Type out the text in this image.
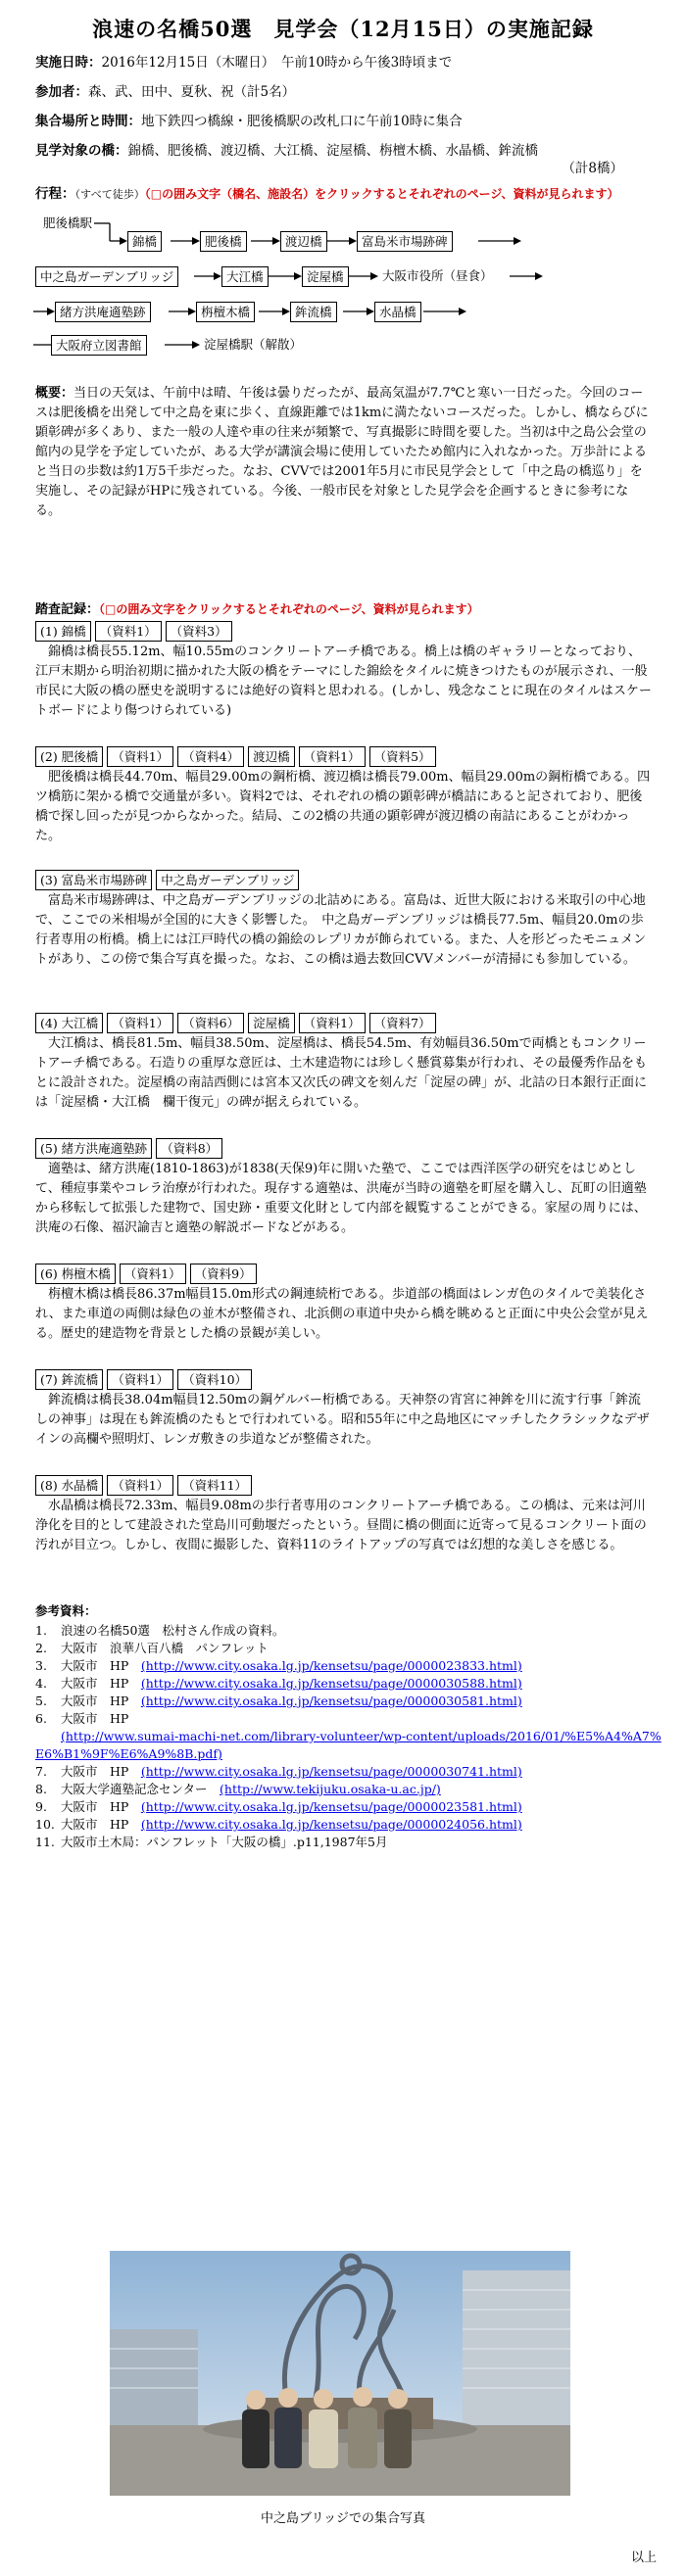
浪速の名橋50選　見学会（12月15日）の実施記録
実施日時：2016年12月15日（木曜日）　午前10時から午後3時頃まで
参加者：森、武、田中、夏秋、祝（計5名）
集合場所と時間：地下鉄四つ橋線・肥後橋駅の改札口に午前10時に集合
見学対象の橋：錦橋、肥後橋、渡辺橋、大江橋、淀屋橋、栴檀木橋、水晶橋、鉾流橋
（計8橋）
行程：（すべて徒歩）（□の囲み文字（橋名、施設名）をクリックするとそれぞれのページ、資料が見られます）
肥後橋駅
錦橋	肥後橋	渡辺橋	富島米市場跡碑
中之島ガーデンブリッジ	大江橋	淀屋橋	大阪市役所（昼食）
緒方洪庵適塾跡	栴檀木橋	鉾流橋	水晶橋
大阪府立図書館	淀屋橋駅（解散）
概要：当日の天気は、午前中は晴、午後は曇りだったが、最高気温が7.7℃と寒い一日だった。今回のコースは肥後橋を出発して中之島を東に歩く、直線距離では1kmに満たないコースだった。しかし、橋ならびに顕彰碑が多くあり、また一般の人達や車の往来が頻繁で、写真撮影に時間を要した。当初は中之島公会堂の館内の見学を予定していたが、ある大学が講演会場に使用していたため館内に入れなかった。万歩計によると当日の歩数は約1万5千歩だった。なお、CVVでは2001年5月に市民見学会として「中之島の橋巡り」を実施し、その記録がHPに残されている。今後、一般市民を対象とした見学会を企画するときに参考になる。
踏査記録：（□の囲み文字をクリックするとそれぞれのページ、資料が見られます）
(1) 錦橋 （資料1） （資料3）
錦橋は橋長55.12m、幅10.55mのコンクリートアーチ橋である。橋上は橋のギャラリーとなっており、江戸末期から明治初期に描かれた大阪の橋をテーマにした錦絵をタイルに焼きつけたものが展示され、一般市民に大阪の橋の歴史を説明するには絶好の資料と思われる。(しかし、残念なことに現在のタイルはスケートボードにより傷つけられている)
(2) 肥後橋 （資料1） （資料4） 渡辺橋 （資料1） （資料5）
肥後橋は橋長44.70m、幅員29.00mの鋼桁橋、渡辺橋は橋長79.00m、幅員29.00mの鋼桁橋である。四ツ橋筋に架かる橋で交通量が多い。資料2では、それぞれの橋の顕彰碑が橋詰にあると記されており、肥後橋で探し回ったが見つからなかった。結局、この2橋の共通の顕彰碑が渡辺橋の南詰にあることがわかった。
(3) 富島米市場跡碑 中之島ガーデンブリッジ
富島米市場跡碑は、中之島ガーデンブリッジの北詰めにある。富島は、近世大阪における米取引の中心地で、ここでの米相場が全国的に大きく影響した。　中之島ガーデンブリッジは橋長77.5m、幅員20.0mの歩行者専用の桁橋。橋上には江戸時代の橋の錦絵のレプリカが飾られている。また、人を形どったモニュメントがあり、この傍で集合写真を撮った。なお、この橋は過去数回CVVメンバーが清掃にも参加している。
(4) 大江橋 （資料1） （資料6） 淀屋橋 （資料1） （資料7）
大江橋は、橋長81.5m、幅員38.50m、淀屋橋は、橋長54.5m、有効幅員36.50mで両橋ともコンクリートアーチ橋である。石造りの重厚な意匠は、土木建造物には珍しく懸賞募集が行われ、その最優秀作品をもとに設計された。淀屋橋の南詰西側には宮本又次氏の碑文を刻んだ「淀屋の碑」が、北詰の日本銀行正面には「淀屋橋・大江橋　欄干復元」の碑が据えられている。
(5) 緒方洪庵適塾跡 （資料8）
適塾は、緒方洪庵(1810-1863)が1838(天保9)年に開いた塾で、ここでは西洋医学の研究をはじめとして、種痘事業やコレラ治療が行われた。現存する適塾は、洪庵が当時の適塾を町屋を購入し、瓦町の旧適塾から移転して拡張した建物で、国史跡・重要文化財として内部を観覧することができる。家屋の周りには、洪庵の石像、福沢諭吉と適塾の解説ボードなどがある。
(6) 栴檀木橋 （資料1） （資料9）
栴檀木橋は橋長86.37m幅員15.0m形式の鋼連続桁である。歩道部の橋面はレンガ色のタイルで美装化され、また車道の両側は緑色の並木が整備され、北浜側の車道中央から橋を眺めると正面に中央公会堂が見える。歴史的建造物を背景とした橋の景観が美しい。
(7) 鉾流橋 （資料1） （資料10）
鉾流橋は橋長38.04m幅員12.50mの鋼ゲルバー桁橋である。天神祭の宵宮に神鉾を川に流す行事「鉾流しの神事」は現在も鉾流橋のたもとで行われている。昭和55年に中之島地区にマッチしたクラシックなデザインの高欄や照明灯、レンガ敷きの歩道などが整備された。
(8) 水晶橋 （資料1） （資料11）
水晶橋は橋長72.33m、幅員9.08mの歩行者専用のコンクリートアーチ橋である。この橋は、元来は河川浄化を目的として建設された堂島川可動堰だったという。昼間に橋の側面に近寄って見るコンクリート面の汚れが目立つ。しかし、夜間に撮影した、資料11のライトアップの写真では幻想的な美しさを感じる。
参考資料：
1. 浪速の名橋50選　松村さん作成の資料。
2. 大阪市　浪華八百八橋　パンフレット
3. 大阪市　HP　(http://www.city.osaka.lg.jp/kensetsu/page/0000023833.html)
4. 大阪市　HP　(http://www.city.osaka.lg.jp/kensetsu/page/0000030588.html)
5. 大阪市　HP　(http://www.city.osaka.lg.jp/kensetsu/page/0000030581.html)
6. 大阪市　HP
(http://www.sumai-machi-net.com/library-volunteer/wp-content/uploads/2016/01/%E5%A4%A7%E6%B1%9F%E6%A9%8B.pdf)
7. 大阪市　HP　(http://www.city.osaka.lg.jp/kensetsu/page/0000030741.html)
8. 大阪大学適塾記念センター　(http://www.tekijuku.osaka-u.ac.jp/)
9. 大阪市　HP　(http://www.city.osaka.lg.jp/kensetsu/page/0000023581.html)
10. 大阪市　HP　(http://www.city.osaka.lg.jp/kensetsu/page/0000024056.html)
11. 大阪市土木局：パンフレット「大阪の橋」.p11,1987年5月
中之島ブリッジでの集合写真
以上
